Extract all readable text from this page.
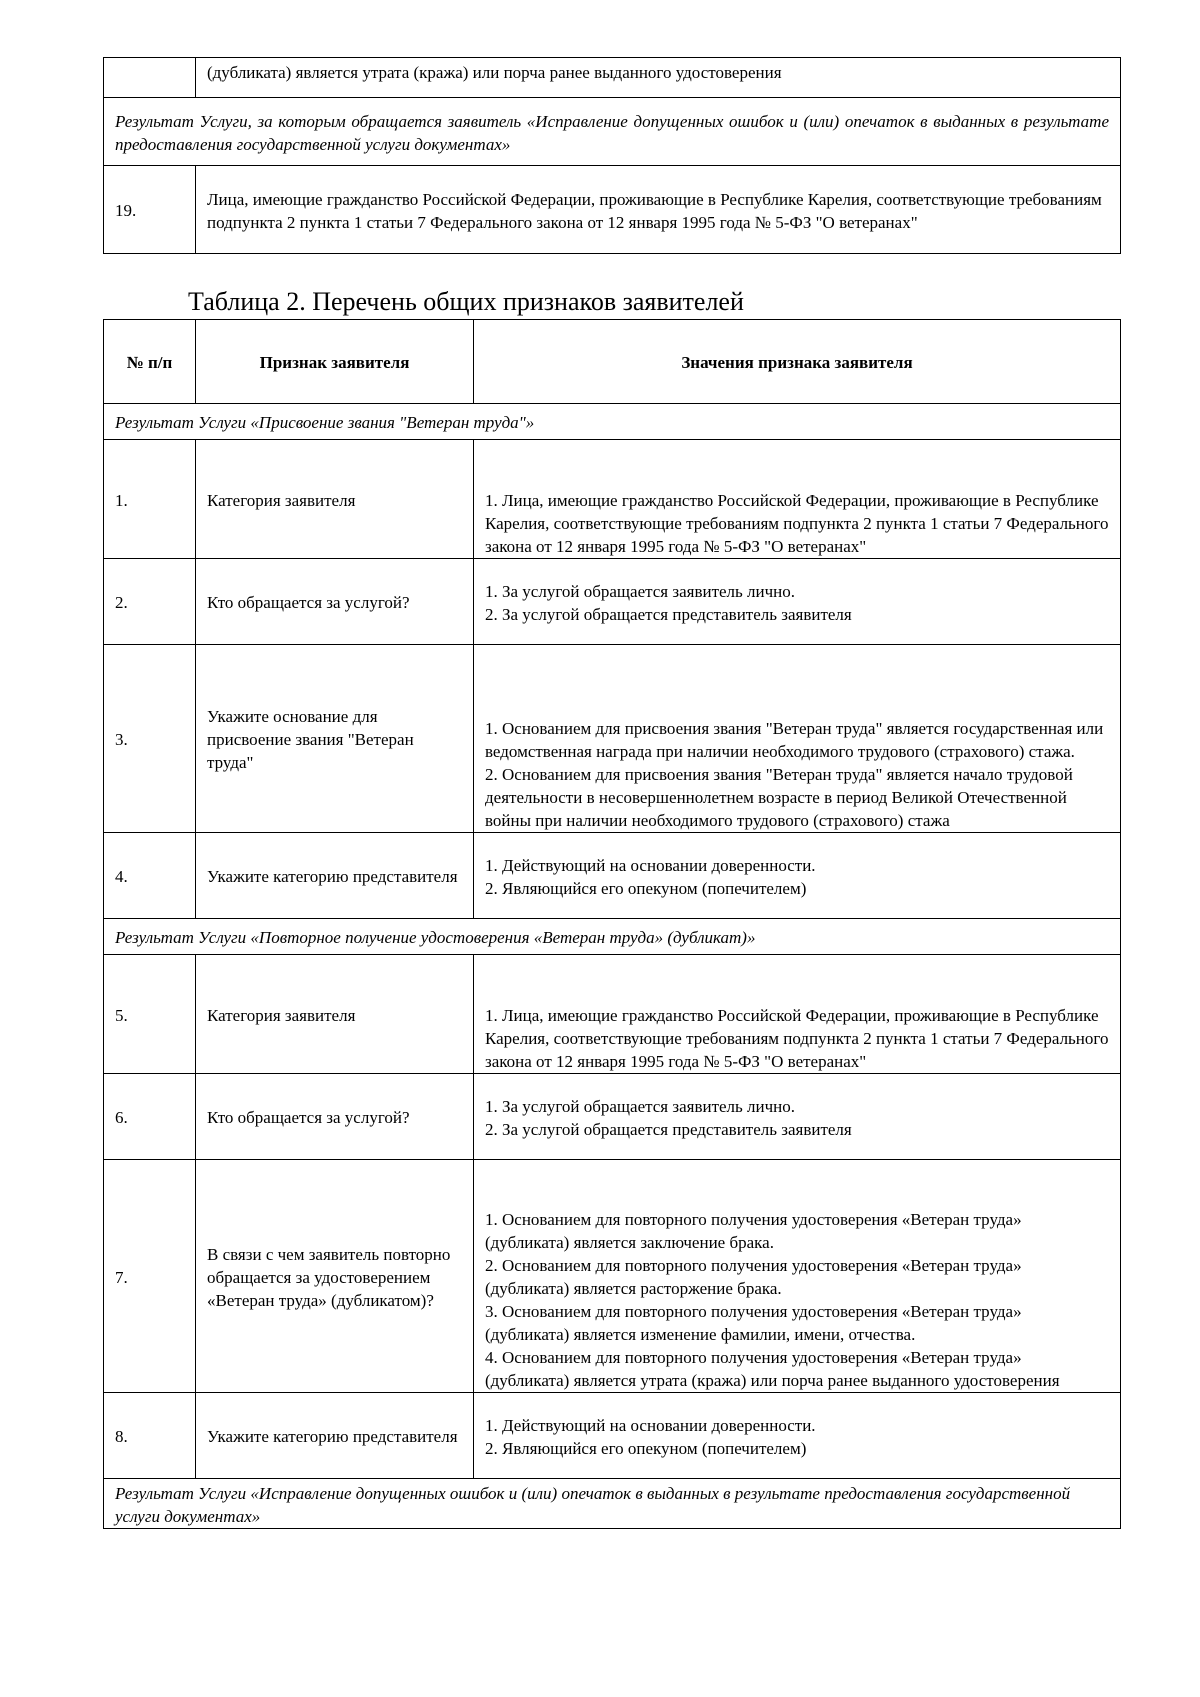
	(дубликата) является утрата (кража) или порча ранее выданного удостоверения
Результат Услуги, за которым обращается заявитель «Исправление допущенных ошибок и (или) опечаток в выданных в результате предоставления государственной услуги документах»	
19.	Лица, имеющие гражданство Российской Федерации, проживающие в Республике Карелия, соответствующие требованиям подпункта 2 пункта 1 статьи 7 Федерального закона от 12 января 1995 года № 5-ФЗ "О ветеранах"
Таблица 2. Перечень общих признаков заявителей
№ п/п	Признак заявителя	Значения признака заявителя
Результат Услуги «Присвоение звания "Ветеран труда"»		
1.	Категория заявителя	1. Лица, имеющие гражданство Российской Федерации, проживающие в Республике Карелия, соответствующие требованиям подпункта 2 пункта 1 статьи 7 Федерального закона от 12 января 1995 года № 5-ФЗ "О ветеранах"
2.	Кто обращается за услугой?	1. За услугой обращается заявитель лично.
2. За услугой обращается представитель заявителя
3.	Укажите основание для присвоение звания "Ветеран труда"	1. Основанием для присвоения звания "Ветеран труда" является государственная или ведомственная награда при наличии необходимого трудового (страхового) стажа.
2. Основанием для присвоения звания "Ветеран труда" является начало трудовой деятельности в несовершеннолетнем возрасте в период Великой Отечественной войны при наличии необходимого трудового (страхового) стажа
4.	Укажите категорию представителя	1. Действующий на основании доверенности.
2. Являющийся его опекуном (попечителем)
Результат Услуги «Повторное получение удостоверения «Ветеран труда» (дубликат)»		
5.	Категория заявителя	1. Лица, имеющие гражданство Российской Федерации, проживающие в Республике Карелия, соответствующие требованиям подпункта 2 пункта 1 статьи 7 Федерального закона от 12 января 1995 года № 5-ФЗ "О ветеранах"
6.	Кто обращается за услугой?	1. За услугой обращается заявитель лично.
2. За услугой обращается представитель заявителя
7.	В связи с чем заявитель повторно обращается за удостоверением «Ветеран труда» (дубликатом)?	1. Основанием для повторного получения удостоверения «Ветеран труда» (дубликата) является заключение брака.
2. Основанием для повторного получения удостоверения «Ветеран труда» (дубликата) является расторжение брака.
3. Основанием для повторного получения удостоверения «Ветеран труда» (дубликата) является изменение фамилии, имени, отчества.
4. Основанием для повторного получения удостоверения «Ветеран труда» (дубликата) является утрата (кража) или порча ранее выданного удостоверения
8.	Укажите категорию представителя	1. Действующий на основании доверенности.
2. Являющийся его опекуном (попечителем)
Результат Услуги «Исправление допущенных ошибок и (или) опечаток в выданных в результате предоставления государственной услуги документах»		
